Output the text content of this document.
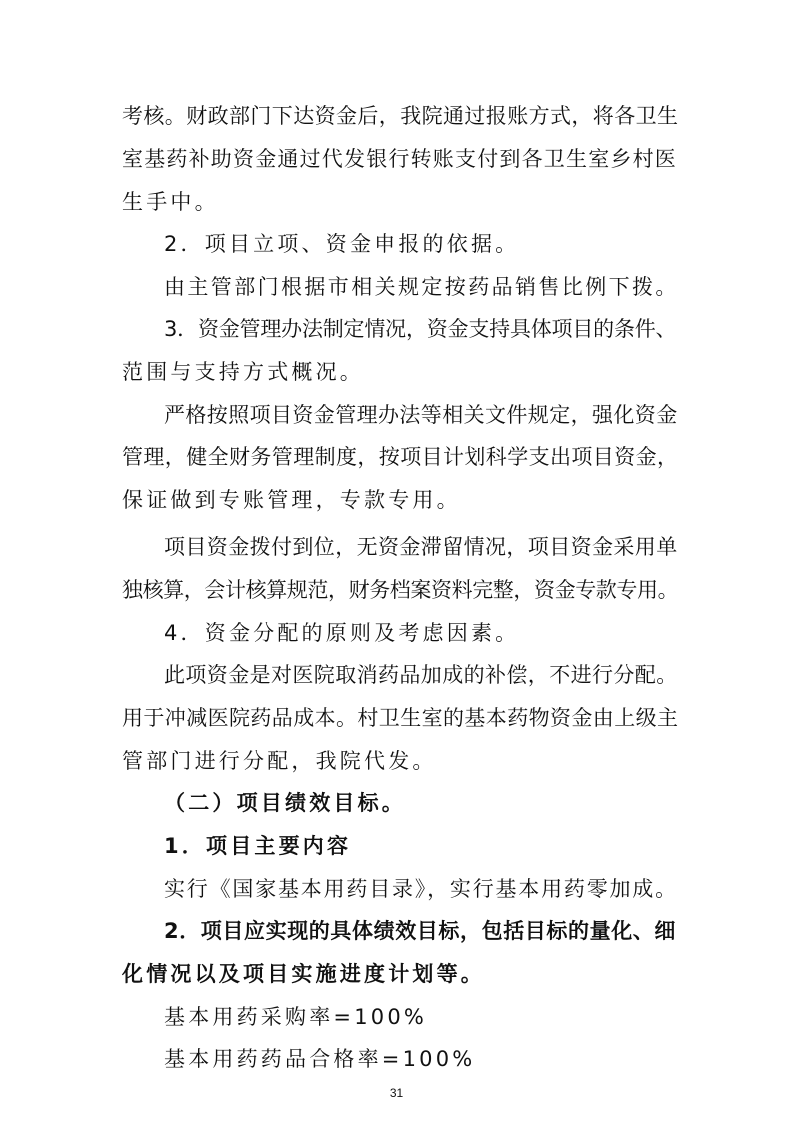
考核。财政部门下达资金后，我院通过报账方式，将各卫生
室基药补助资金通过代发银行转账支付到各卫生室乡村医
生手中。
2．项目立项、资金申报的依据。
由主管部门根据市相关规定按药品销售比例下拨。
3．资金管理办法制定情况，资金支持具体项目的条件、
范围与支持方式概况。
严格按照项目资金管理办法等相关文件规定，强化资金
管理，健全财务管理制度，按项目计划科学支出项目资金，
保证做到专账管理，专款专用。
项目资金拨付到位，无资金滞留情况，项目资金采用单
独核算，会计核算规范，财务档案资料完整，资金专款专用。
4．资金分配的原则及考虑因素。
此项资金是对医院取消药品加成的补偿，不进行分配。
用于冲减医院药品成本。村卫生室的基本药物资金由上级主
管部门进行分配，我院代发。
（二）项目绩效目标。
1．项目主要内容
实行《国家基本用药目录》，实行基本用药零加成。
2．项目应实现的具体绩效目标，包括目标的量化、细
化情况以及项目实施进度计划等。
基本用药采购率=100%
基本用药药品合格率=100%
31
